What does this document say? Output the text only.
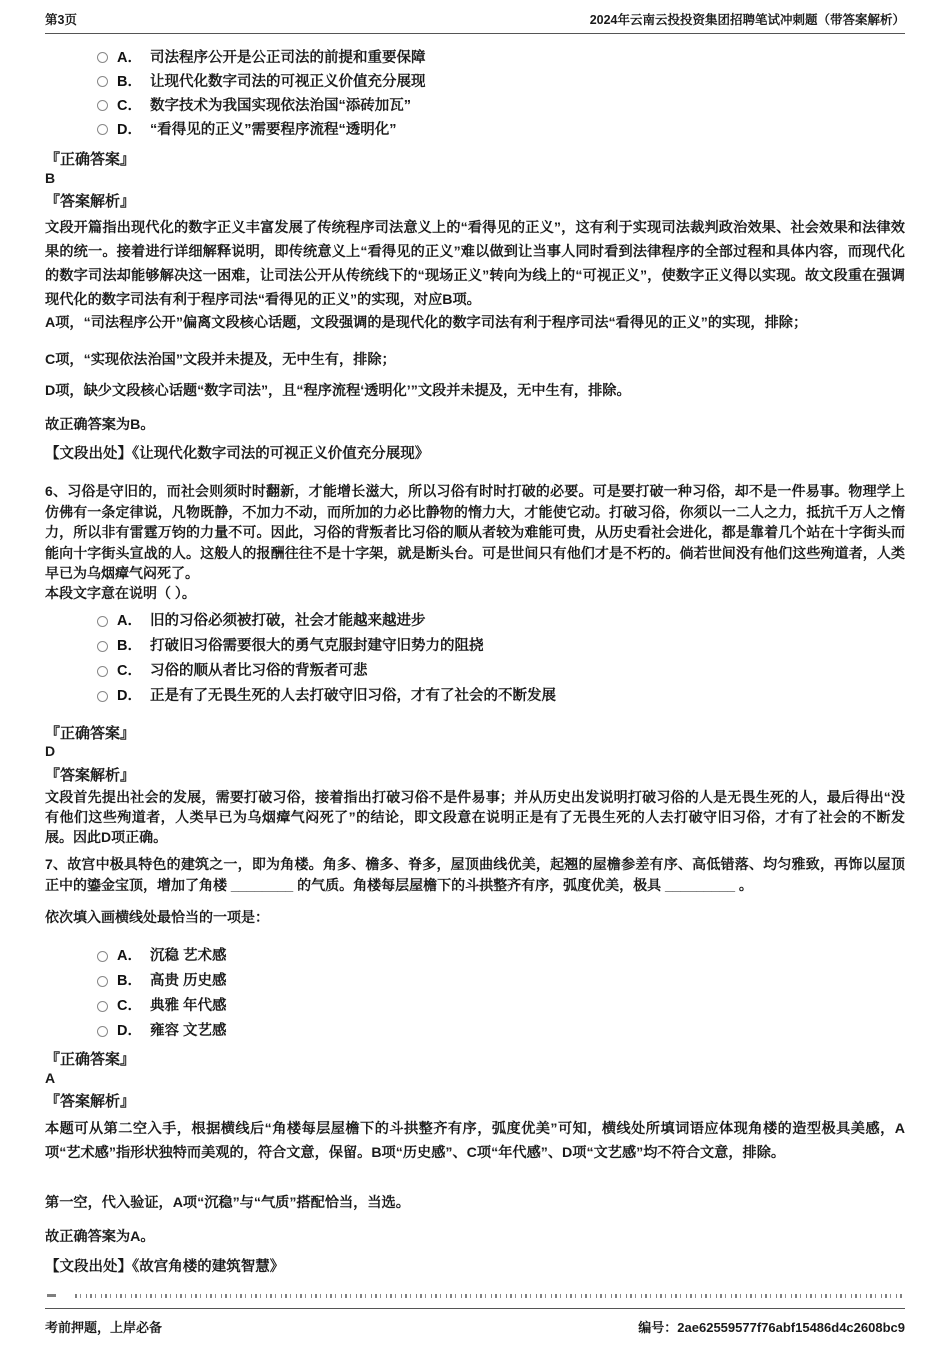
第3页	2024年云南云投投资集团招聘笔试冲刺题（带答案解析）
A． 司法程序公开是公正司法的前提和重要保障
B． 让现代化数字司法的可视正义价值充分展现
C． 数字技术为我国实现依法治国“添砖加瓦”
D． “看得见的正义”需要程序流程“透明化”
『正确答案』
B
『答案解析』

文段开篇指出现代化的数字正义丰富发展了传统程序司法意义上的“看得见的正义”，这有利于实现司法裁判政治效果、社会效果和法律效果的统一。接着进行详细解释说明，即传统意义上“看得见的正义”难以做到让当事人同时看到法律程序的全部过程和具体内容，而现代化的数字司法却能够解决这一困难，让司法公开从传统线下的“现场正义”转向为线上的“可视正义”，使数字正义得以实现。故文段重在强调现代化的数字司法有利于程序司法“看得见的正义”的实现，对应B项。

A项，“司法程序公开”偏离文段核心话题，文段强调的是现代化的数字司法有利于程序司法“看得见的正义”的实现，排除；
C项，“实现依法治国”文段并未提及，无中生有，排除；
D项，缺少文段核心话题“数字司法”，且“程序流程‘透明化’”文段并未提及，无中生有，排除。
故正确答案为B。
【文段出处】《让现代化数字司法的可视正义价值充分展现》

6、习俗是守旧的，而社会则须时时翻新，才能增长滋大，所以习俗有时时打破的必要。可是要打破一种习俗，却不是一件易事。物理学上仿佛有一条定律说，凡物既静，不加力不动，而所加的力必比静物的惰力大，才能使它动。打破习俗，你须以一二人之力，抵抗千万人之惰力，所以非有雷霆万钧的力量不可。因此，习俗的背叛者比习俗的顺从者较为难能可贵，从历史看社会进化，都是靠着几个站在十字街头而能向十字街头宣战的人。这般人的报酬往往不是十字架，就是断头台。可是世间只有他们才是不朽的。倘若世间没有他们这些殉道者，人类早已为乌烟瘴气闷死了。

本段文字意在说明（ ）。
A． 旧的习俗必须被打破，社会才能越来越进步
B． 打破旧习俗需要很大的勇气克服封建守旧势力的阻挠
C． 习俗的顺从者比习俗的背叛者可悲
D． 正是有了无畏生死的人去打破守旧习俗，才有了社会的不断发展
『正确答案』
D
『答案解析』

文段首先提出社会的发展，需要打破习俗，接着指出打破习俗不是件易事；并从历史出发说明打破习俗的人是无畏生死的人，最后得出“没有他们这些殉道者，人类早已为乌烟瘴气闷死了”的结论，即文段意在说明正是有了无畏生死的人去打破守旧习俗，才有了社会的不断发展。因此D项正确。

7、故宫中极具特色的建筑之一，即为角楼。角多、檐多、脊多，屋顶曲线优美，起翘的屋檐参差有序、高低错落、均匀雅致，再饰以屋顶正中的鎏金宝顶，增加了角楼 ________ 的气质。角楼每层屋檐下的斗拱整齐有序，弧度优美，极具 _________ 。

依次填入画横线处最恰当的一项是：
A． 沉稳 艺术感
B． 高贵 历史感
C． 典雅 年代感
D． 雍容 文艺感
『正确答案』
A
『答案解析』

本题可从第二空入手，根据横线后“角楼每层屋檐下的斗拱整齐有序，弧度优美”可知，横线处所填词语应体现角楼的造型极具美感，A项“艺术感”指形状独特而美观的，符合文意，保留。B项“历史感”、C项“年代感”、D项“文艺感”均不符合文意，排除。

第一空，代入验证，A项“沉稳”与“气质”搭配恰当，当选。
故正确答案为A。
【文段出处】《故宫角楼的建筑智慧》
考前押题，上岸必备	编号：2ae62559577f76abf15486d4c2608bc9
